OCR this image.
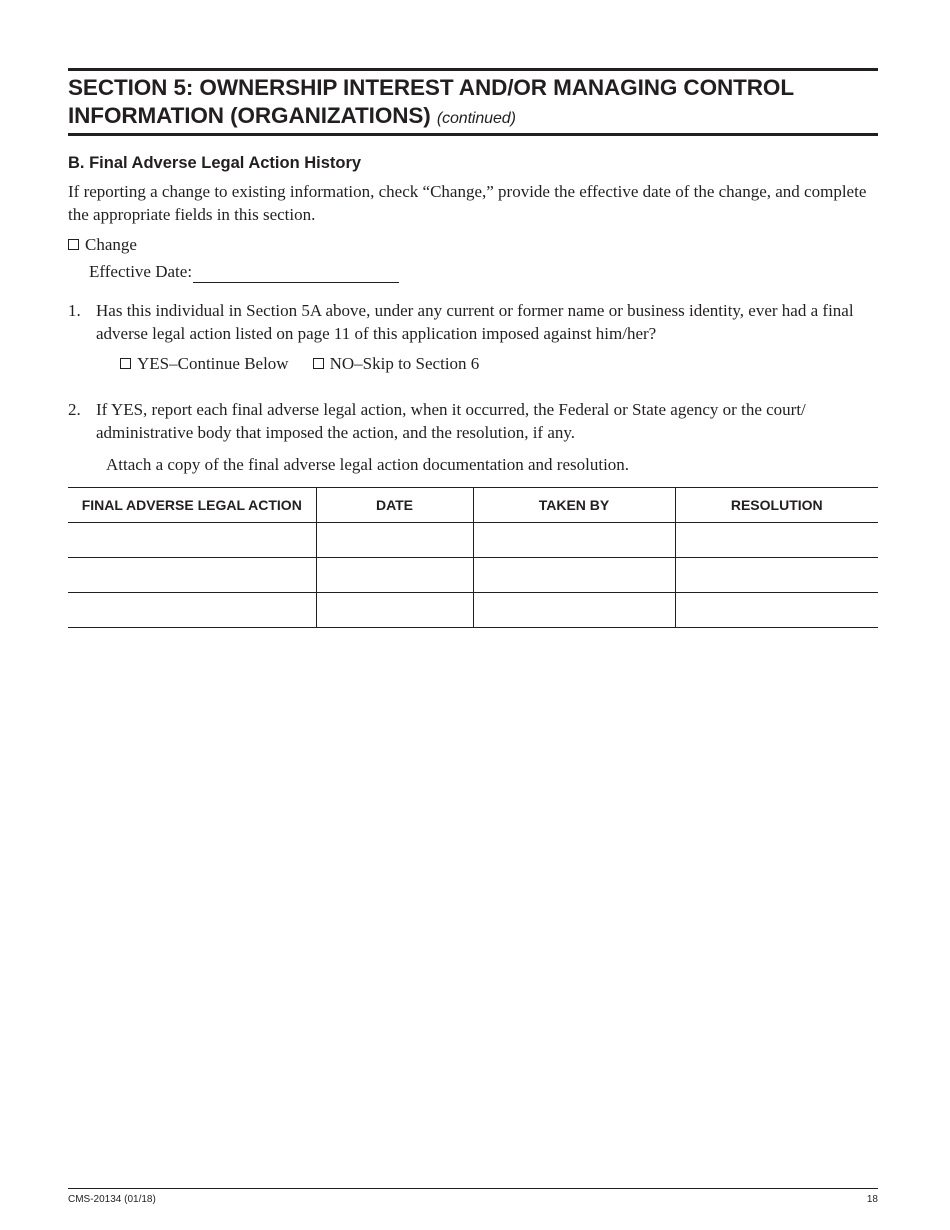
SECTION 5: OWNERSHIP INTEREST AND/OR MANAGING CONTROL INFORMATION (ORGANIZATIONS) (continued)
B. Final Adverse Legal Action History
If reporting a change to existing information, check “Change,” provide the effective date of the change, and complete the appropriate fields in this section.
Change
Effective Date:
1. Has this individual in Section 5A above, under any current or former name or business identity, ever had a final adverse legal action listed on page 11 of this application imposed against him/her?
YES–Continue Below NO–Skip to Section 6
2. If YES, report each final adverse legal action, when it occurred, the Federal or State agency or the court/ administrative body that imposed the action, and the resolution, if any.
Attach a copy of the final adverse legal action documentation and resolution.
FINAL ADVERSE LEGAL ACTION	DATE	TAKEN BY	RESOLUTION

CMS-20134 (01/18)	18
